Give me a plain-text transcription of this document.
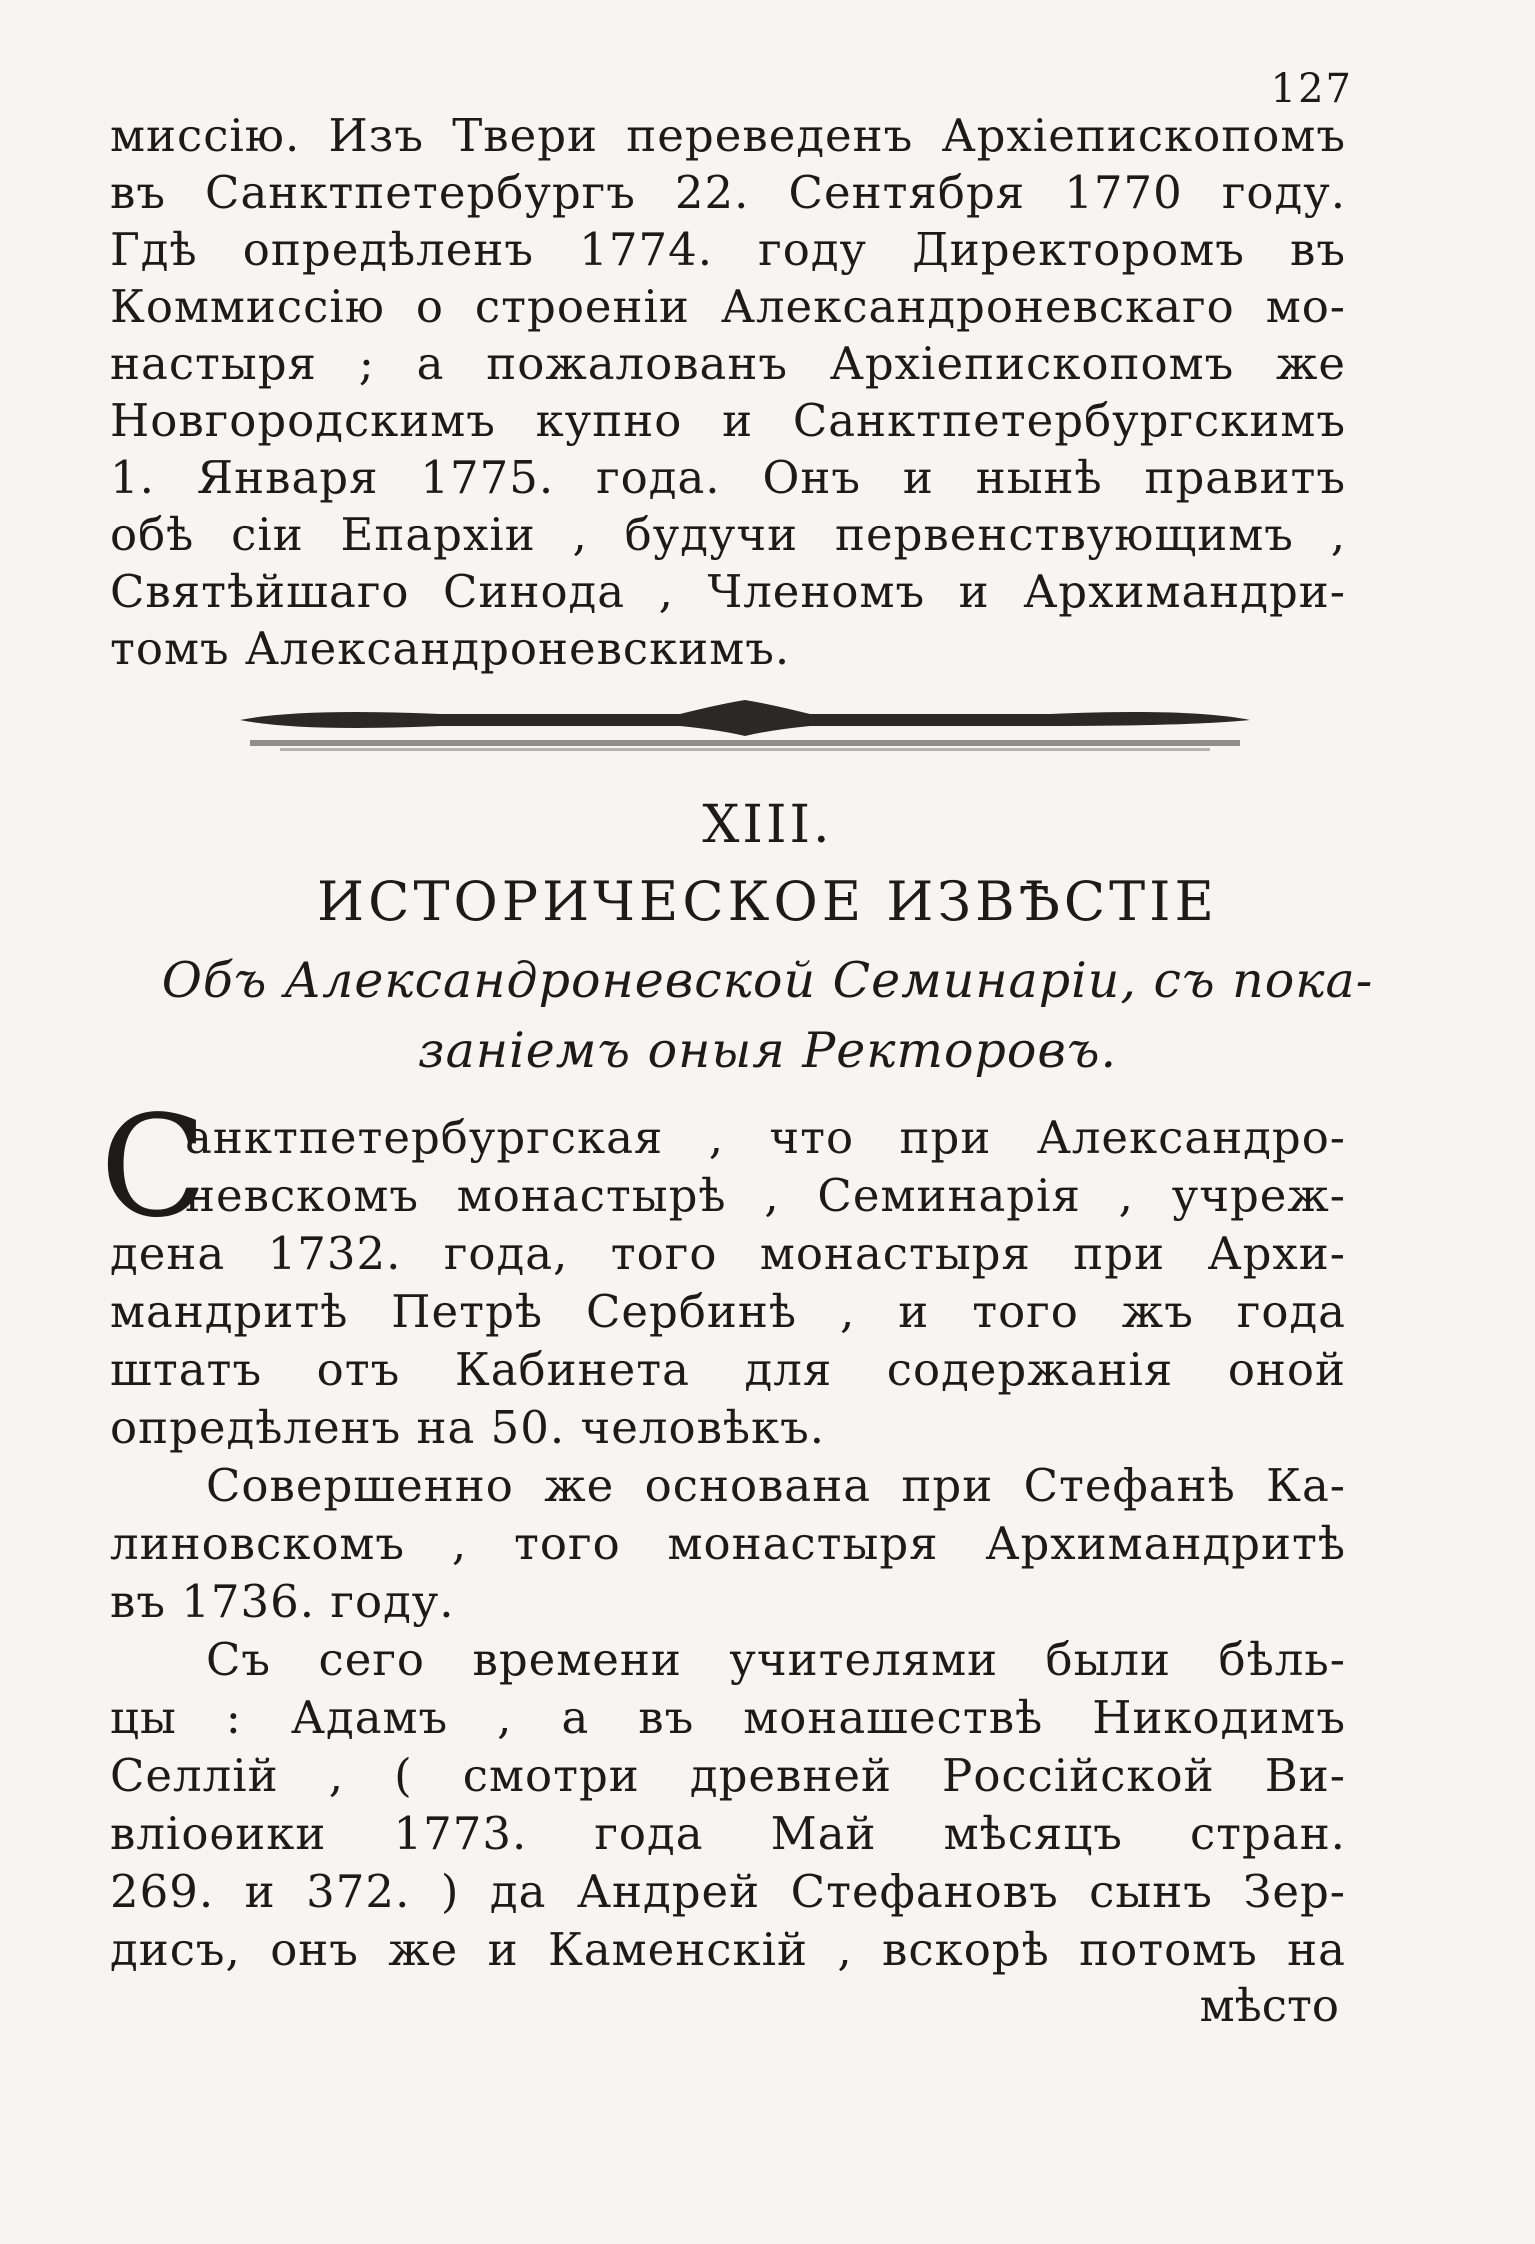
127
миссію. Изъ Твери переведенъ Архіепископомъ
въ Санктпетербургъ 22. Сентября 1770 году.
Гдѣ опредѣленъ 1774. году Директоромъ въ
Коммиссію о строеніи Александроневскаго мо-
настыря ; а пожалованъ Архіепископомъ же
Новгородскимъ купно и Санктпетербургскимъ
1. Января 1775. года. Онъ и нынѣ правитъ
обѣ сіи Епархіи , будучи первенствующимъ ,
Святѣйшаго Синода , Членомъ и Архимандри-
томъ Александроневскимъ.
XIII.
ИСТОРИЧЕСКОЕ ИЗВѢСТІЕ
Объ Александроневской Семинаріи, съ пока-
заніемъ оныя Ректоровъ.
С
анктпетербургская , что при Александро-
невскомъ монастырѣ , Семинарія , учреж-
дена 1732. года, того монастыря при Архи-
мандритѣ Петрѣ Сербинѣ , и того жъ года
штатъ отъ Кабинета для содержанія оной
опредѣленъ на 50. человѣкъ.
Совершенно же основана при Стефанѣ Ка-
линовскомъ , того монастыря Архимандритѣ
въ 1736. году.
Съ сего времени учителями были бѣль-
цы : Адамъ , а въ монашествѣ Никодимъ
Селлій , ( смотри древней Россійской Ви-
вліоѳики 1773. года Май мѣсяцъ стран.
269. и 372. ) да Андрей Стефановъ сынъ Зер-
дисъ, онъ же и Каменскій , вскорѣ потомъ на
мѣсто
